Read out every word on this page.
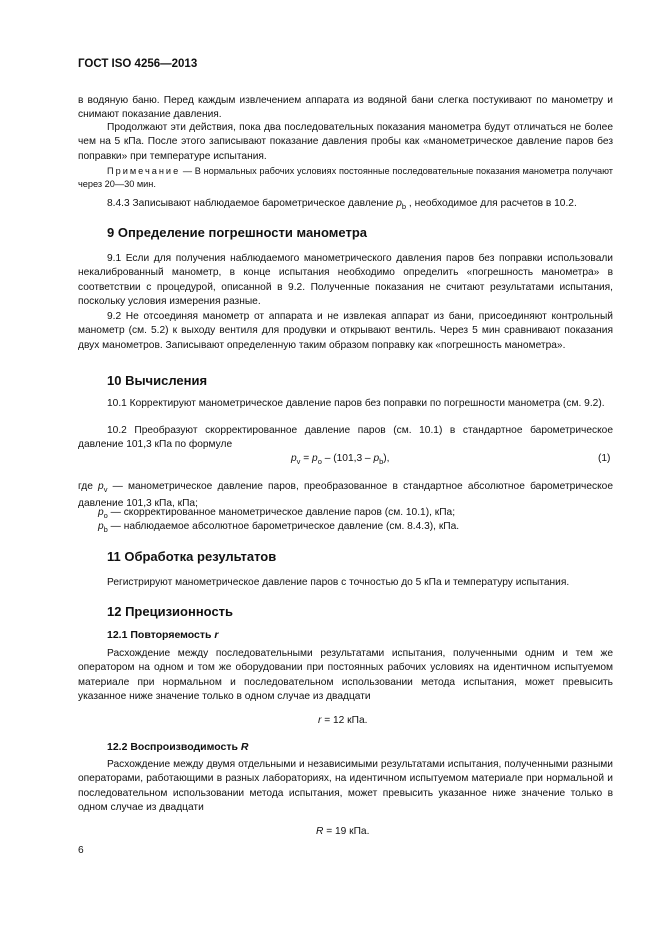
ГОСТ ISO 4256—2013
в водяную баню. Перед каждым извлечением аппарата из водяной бани слегка постукивают по манометру и снимают показание давления.
Продолжают эти действия, пока два последовательных показания манометра будут отличаться не более чем на 5 кПа. После этого записывают показание давления пробы как «манометрическое давление паров без поправки» при температуре испытания.
Примечание — В нормальных рабочих условиях постоянные последовательные показания манометра получают через 20—30 мин.
8.4.3 Записывают наблюдаемое барометрическое давление $p_b$ , необходимое для расчетов в 10.2.
9 Определение погрешности манометра
9.1 Если для получения наблюдаемого манометрического давления паров без поправки использовали некалиброванный манометр, в конце испытания необходимо определить «погрешность манометра» в соответствии с процедурой, описанной в 9.2. Полученные показания не считают результатами испытания, поскольку условия измерения разные.
9.2 Не отсоединяя манометр от аппарата и не извлекая аппарат из бани, присоединяют контрольный манометр (см. 5.2) к выходу вентиля для продувки и открывают вентиль. Через 5 мин сравнивают показания двух манометров. Записывают определенную таким образом поправку как «погрешность манометра».
10 Вычисления
10.1 Корректируют манометрическое давление паров без поправки по погрешности манометра (см. 9.2).
10.2 Преобразуют скорректированное давление паров (см. 10.1) в стандартное барометрическое давление 101,3 кПа по формуле
$p_v = p_o - (101,3 - p_b)$,	(1)
где $p_v$ — манометрическое давление паров, преобразованное в стандартное абсолютное барометрическое давление 101,3 кПа, кПа;
$p_o$ — скорректированное манометрическое давление паров (см. 10.1), кПа;
$p_b$ — наблюдаемое абсолютное барометрическое давление (см. 8.4.3), кПа.
11 Обработка результатов
Регистрируют манометрическое давление паров с точностью до 5 кПа и температуру испытания.
12 Прецизионность
12.1 Повторяемость r
Расхождение между последовательными результатами испытания, полученными одним и тем же оператором на одном и том же оборудовании при постоянных рабочих условиях на идентичном испытуемом материале при нормальном и последовательном использовании метода испытания, может превысить указанное ниже значение только в одном случае из двадцати
r = 12 кПа.
12.2 Воспроизводимость R
Расхождение между двумя отдельными и независимыми результатами испытания, полученными разными операторами, работающими в разных лабораториях, на идентичном испытуемом материале при нормальной и последовательном использовании метода испытания, может превысить указанное ниже значение только в одном случае из двадцати
R = 19 кПа.
6
